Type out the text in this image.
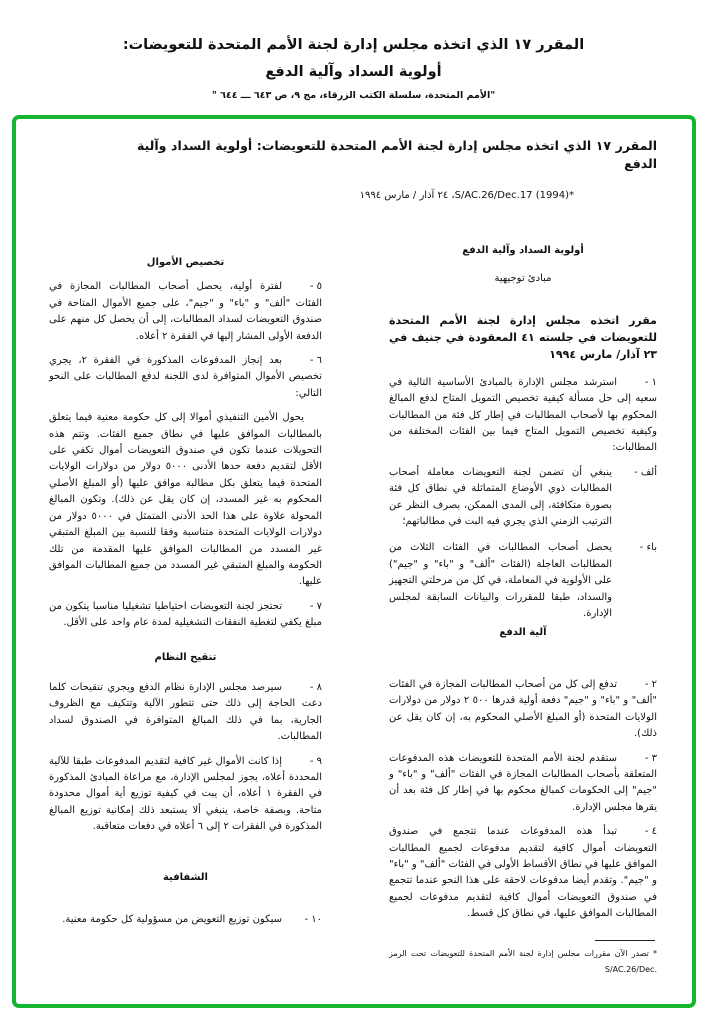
المقرر ١٧ الذي اتخذه مجلس إدارة لجنة الأمم المتحدة للتعويضات:

أولوية السداد وآلية الدفع

"الأمم المتحدة، سلسلة الكتب الزرقاء، مج ٩، ص ٦٤٣ ـــ ٦٤٤ "
المقرر ١٧ الذي اتخذه مجلس إدارة لجنة الأمم المتحدة للتعويضات: أولوية السداد وآلية الدفع
*(1994) S/AC.26/Dec.17، ٢٤ آذار / مارس ١٩٩٤

أولوية السداد وآلية الدفع

مبادئ توجيهية

مقرر اتخذه مجلس إدارة لجنة الأمم المتحدة للتعويضات في جلسته ٤١ المعقودة في جنيف في ٢٣ آذار/ مارس ١٩٩٤

١ -استرشد مجلس الإدارة بالمبادئ الأساسية التالية في سعيه إلى حل مسألة كيفية تخصيص التمويل المتاح لدفع المبالغ المحكوم بها لأصحاب المطالبات في إطار كل فئة من المطالبات وكيفية تخصيص التمويل المتاح فيما بين الفئات المختلفة من المطالبات:

ألف -
ينبغي أن تضمن لجنة التعويضات معاملة أصحاب المطالبات ذوي الأوضاع المتماثلة في نطاق كل فئة بصورة متكافئة، إلى المدى الممكن، بصرف النظر عن الترتيب الزمني الذي يجري فيه البت في مطالباتهم؛
باء -
يحصل أصحاب المطالبات في الفئات الثلاث من المطالبات العاجلة (الفئات "ألف" و "باء" و "جيم") على الأولوية في المعاملة، في كل من مرحلتي التجهيز والسداد، طبقا للمقررات والبيانات السابقة لمجلس الإدارة.

آلية الدفع

٢ -تدفع إلى كل من أصحاب المطالبات المجازة في الفئات "ألف" و "باء" و "جيم" دفعة أولية قدرها ٥٠٠ ٢ دولار من دولارات الولايات المتحدة (أو المبلغ الأصلي المحكوم به، إن كان يقل عن ذلك).

٣ -ستقدم لجنة الأمم المتحدة للتعويضات هذه المدفوعات المتعلقة بأصحاب المطالبات المجازة في الفئات "ألف" و "باء" و "جيم" إلى الحكومات كمبالغ محكوم بها في إطار كل فئة بعد أن يقرها مجلس الإدارة.

٤ -تبدأ هذه المدفوعات عندما تتجمع في صندوق التعويضات أموال كافية لتقديم مدفوعات لجميع المطالبات الموافق عليها في نطاق الأقساط الأولى في الفئات "ألف" و "باء" و "جيم". وتقدم أيضا مدفوعات لاحقة على هذا النحو عندما تتجمع في صندوق التعويضات أموال كافية لتقديم مدفوعات لجميع المطالبات الموافق عليها، في نطاق كل قسط.

* تصدر الآن مقررات مجلس إدارة لجنة الأمم المتحدة للتعويضات تحت الرمز .S/AC.26/Dec

تخصيص الأموال

٥ -لفترة أولية، يحصل أصحاب المطالبات المجازة في الفئات "ألف" و "باء" و "جيم"، على جميع الأموال المتاحة في صندوق التعويضات لسداد المطالبات، إلى أن يحصل كل منهم على الدفعة الأولى المشار إليها في الفقرة ٢ أعلاه.

٦ -بعد إنجاز المدفوعات المذكورة في الفقرة ٢، يجري تخصيص الأموال المتوافرة لدى اللجنة لدفع المطالبات على النحو التالي:

يحول الأمين التنفيذي أموالا إلى كل حكومة معنية فيما يتعلق بالمطالبات الموافق عليها في نطاق جميع الفئات. وتتم هذه التحويلات عندما تكون في صندوق التعويضات أموال تكفي على الأقل لتقديم دفعة حدها الأدنى ٥٠٠٠ دولار من دولارات الولايات المتحدة فيما يتعلق بكل مطالبة موافق عليها (أو المبلغ الأصلي المحكوم به غير المسدد، إن كان يقل عن ذلك). وتكون المبالغ المحولة علاوة على هذا الحد الأدنى المتمثل في ٥٠٠٠ دولار من دولارات الولايات المتحدة متناسبة وفقا للنسبة بين المبلغ المتبقي غير المسدد من المطالبات الموافق عليها المقدمة من تلك الحكومة والمبلغ المتبقي غير المسدد من جميع المطالبات الموافق عليها.

٧ -تحتجز لجنة التعويضات احتياطيا تشغيليا مناسبا يتكون من مبلغ يكفي لتغطية النفقات التشغيلية لمدة عام واحد على الأقل.

تنقيح النظام

٨ -سيرصد مجلس الإدارة نظام الدفع ويجري تنقيحات كلما دعت الحاجة إلى ذلك حتى تتطور الآلية وتتكيف مع الظروف الجارية، بما في ذلك المبالغ المتوافرة في الصندوق لسداد المطالبات.

٩ -إذا كانت الأموال غير كافية لتقديم المدفوعات طبقا للآلية المحددة أعلاه، يجوز لمجلس الإدارة، مع مراعاة المبادئ المذكورة في الفقرة ١ أعلاه، أن يبت في كيفية توزيع أية أموال محدودة متاحة. وبصفة خاصة، ينبغي ألا يستبعد ذلك إمكانية توزيع المبالغ المذكورة في الفقرات ٢ إلى ٦ أعلاه في دفعات متعاقبة.

الشفافية

١٠ -سيكون توزيع التعويض من مسؤولية كل حكومة معنية.
